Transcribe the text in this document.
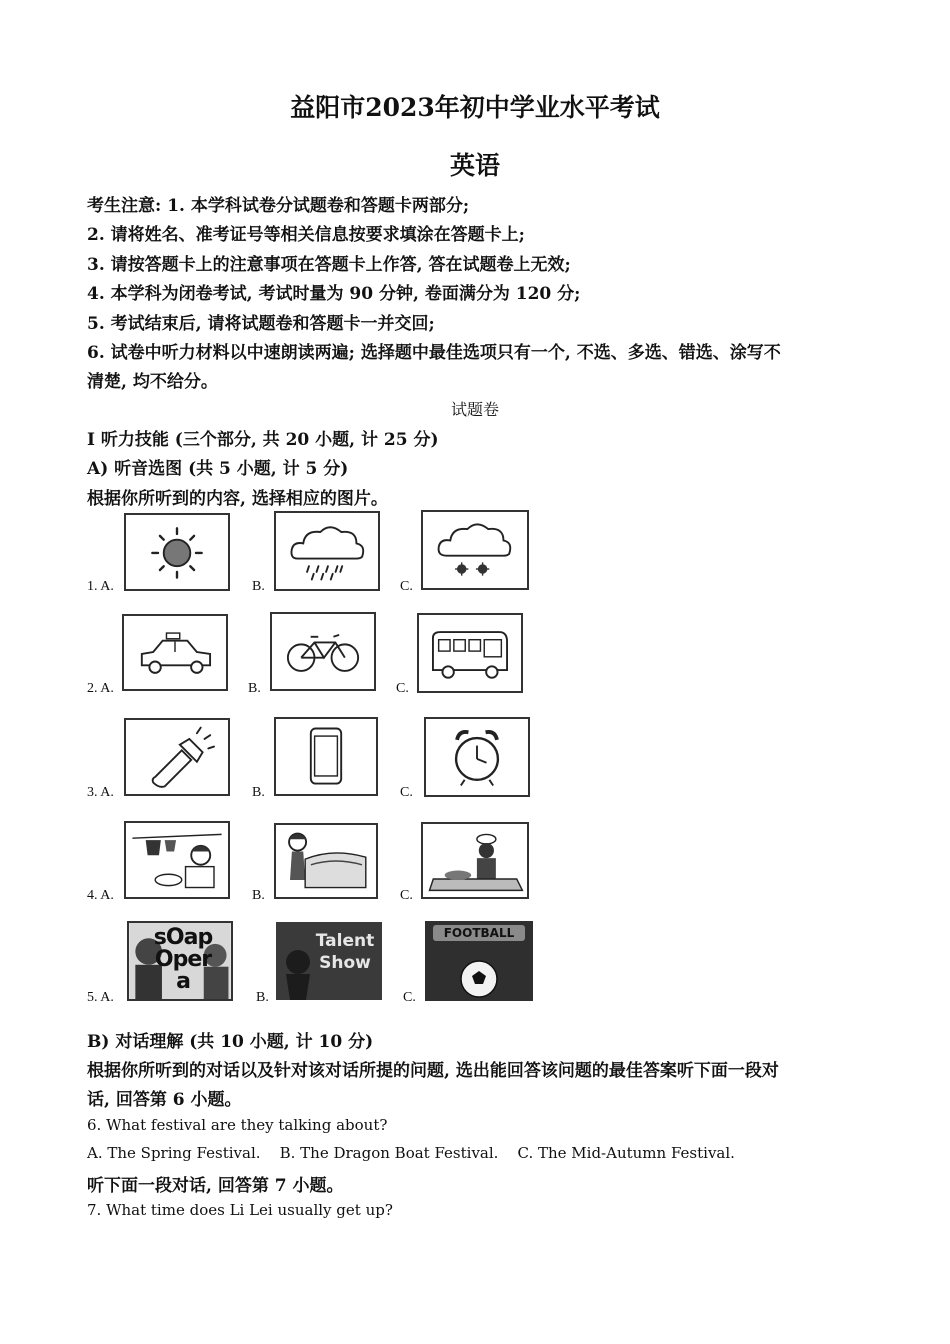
益阳市2023年初中学业水平考试
英语
考生注意: 1. 本学科试卷分试题卷和答题卡两部分;
2. 请将姓名、准考证号等相关信息按要求填涂在答题卡上;
3. 请按答题卡上的注意事项在答题卡上作答, 答在试题卷上无效;
4. 本学科为闭卷考试, 考试时量为 90 分钟, 卷面满分为 120 分;
5. 考试结束后, 请将试题卷和答题卡一并交回;
6. 试卷中听力材料以中速朗读两遍; 选择题中最佳选项只有一个, 不选、多选、错选、涂写不
清楚, 均不给分。
试题卷
I 听力技能 (三个部分, 共 20 小题, 计 25 分)
A) 听音选图 (共 5 小题, 计 5 分)
根据你所听到的内容, 选择相应的图片。
1. A.	B.	C.
2. A.	B.	C.
3. A.	B.	C.
4. A.	B.	C.
5. A.
sOap Opera
B.
Talent Show
C.
FOOTBALL
B) 对话理解 (共 10 小题, 计 10 分)
根据你所听到的对话以及针对该对话所提的问题, 选出能回答该问题的最佳答案听下面一段对
话, 回答第 6 小题。
6. What festival are they talking about?
A. The Spring Festival.    B. The Dragon Boat Festival.    C. The Mid-Autumn Festival.
听下面一段对话, 回答第 7 小题。
7. What time does Li Lei usually get up?
